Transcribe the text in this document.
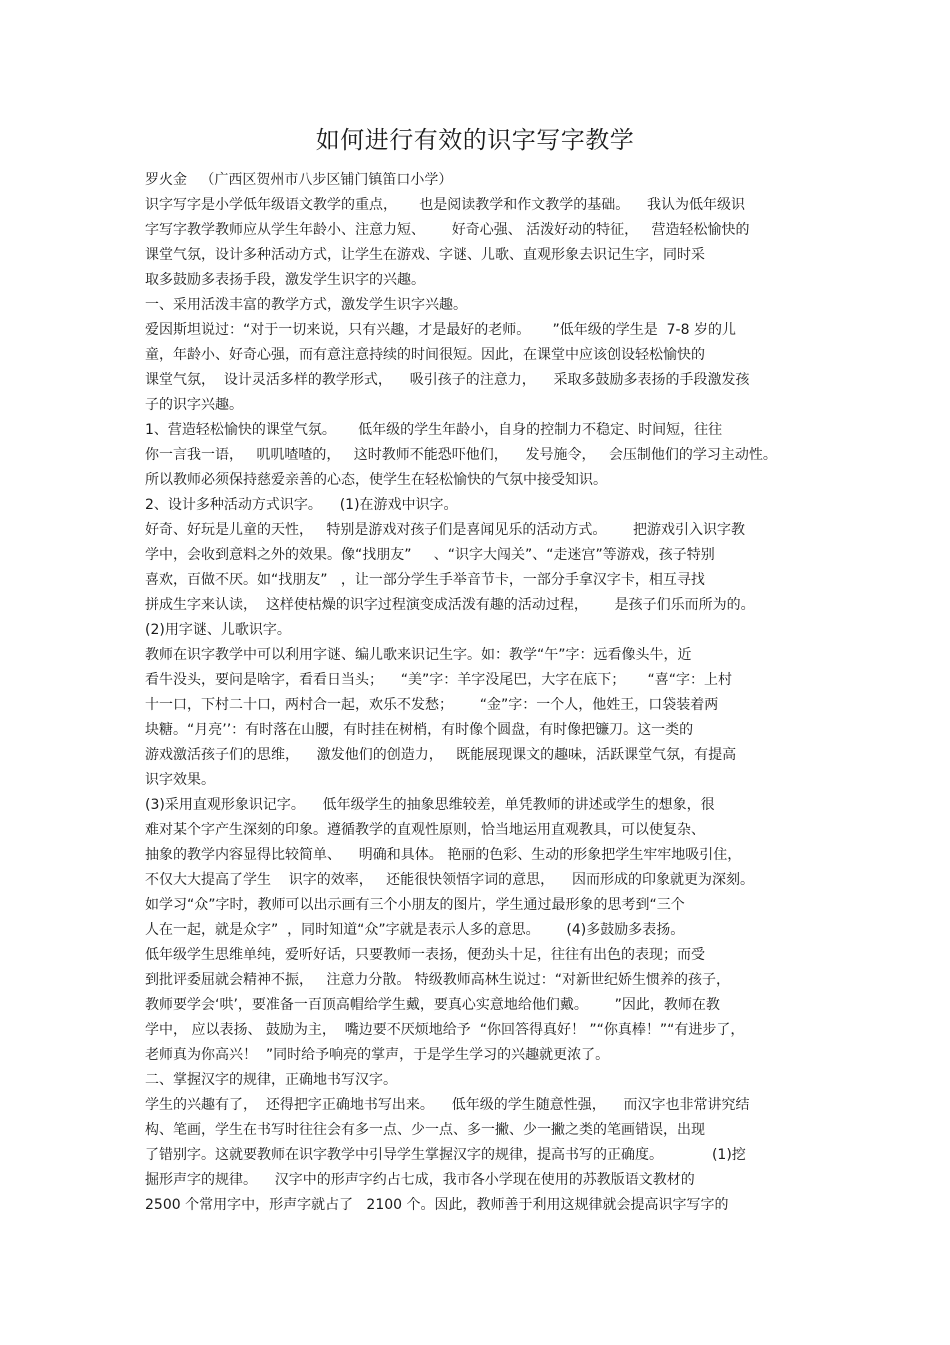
如何进行有效的识字写字教学
罗火金   （广西区贺州市八步区铺门镇笛口小学）
识字写字是小学低年级语文教学的重点，     也是阅读教学和作文教学的基础。    我认为低年级识
字写字教学教师应从学生年龄小、注意力短、      好奇心强、 活泼好动的特征，   营造轻松愉快的
课堂气氛，设计多种活动方式，让学生在游戏、字谜、儿歌、直观形象去识记生字，同时采
取多鼓励多表扬手段，激发学生识字的兴趣。
一、采用活泼丰富的教学方式，激发学生识字兴趣。
爱因斯坦说过：“对于一切来说，只有兴趣，才是最好的老师。     ”低年级的学生是  7-8 岁的儿
童，年龄小、好奇心强，而有意注意持续的时间很短。因此，在课堂中应该创设轻松愉快的
课堂气氛，  设计灵活多样的教学形式，    吸引孩子的注意力，    采取多鼓励多表扬的手段激发孩
子的识字兴趣。
1、营造轻松愉快的课堂气氛。     低年级的学生年龄小，自身的控制力不稳定、时间短，往往
你一言我一语，   叽叽喳喳的，   这时教师不能恐吓他们，    发号施令，   会压制他们的学习主动性。
所以教师必须保持慈爱亲善的心态，使学生在轻松愉快的气氛中接受知识。
2、设计多种活动方式识字。    (1)在游戏中识字。
好奇、好玩是儿童的天性，   特别是游戏对孩子们是喜闻见乐的活动方式。      把游戏引入识字教
学中，会收到意料之外的效果。像“找朋友”     、“识字大闯关”、“走迷宫”等游戏，孩子特别
喜欢，百做不厌。如“找朋友”   ，让一部分学生手举音节卡，一部分手拿汉字卡，相互寻找
拼成生字来认读，  这样使枯燥的识字过程演变成活泼有趣的活动过程，      是孩子们乐而所为的。
(2)用字谜、儿歌识字。
教师在识字教学中可以利用字谜、编儿歌来识记生字。如：教学“午”字：远看像头牛，近
看牛没头，要问是啥字，看看日当头；    “美”字：羊字没尾巴，大字在底下；     “喜“字：上村
十一口，下村二十口，两村合一起，欢乐不发愁；      “金”字：一个人，他姓王，口袋装着两
块糖。“月亮’’：有时落在山腰，有时挂在树梢，有时像个圆盘，有时像把镰刀。这一类的
游戏激活孩子们的思维，    激发他们的创造力，   既能展现课文的趣味，活跃课堂气氛，有提高
识字效果。
(3)采用直观形象识记字。    低年级学生的抽象思维较差，单凭教师的讲述或学生的想象，很
难对某个字产生深刻的印象。遵循教学的直观性原则，恰当地运用直观教具，可以使复杂、
抽象的教学内容显得比较简单、    明确和具体。 艳丽的色彩、生动的形象把学生牢牢地吸引住，
不仅大大提高了学生    识字的效率，   还能很快领悟字词的意思，    因而形成的印象就更为深刻。
如学习“众”字时，教师可以出示画有三个小朋友的图片，学生通过最形象的思考到“三个
人在一起，就是众字”  ，同时知道“众”字就是表示人多的意思。      (4)多鼓励多表扬。
低年级学生思维单纯，爱听好话，只要教师一表扬，便劲头十足，往往有出色的表现；而受
到批评委屈就会精神不振，   注意力分散。 特级教师高林生说过：“对新世纪娇生惯养的孩子，
教师要学会‘哄’，要准备一百顶高帽给学生戴，要真心实意地给他们戴。      ”因此，教师在教
学中， 应以表扬、 鼓励为主，  嘴边要不厌烦地给予  “你回答得真好！ ”“你真棒！”“有进步了，
老师真为你高兴！  ”同时给予响亮的掌声，于是学生学习的兴趣就更浓了。
二、掌握汉字的规律，正确地书写汉字。
学生的兴趣有了，  还得把字正确地书写出来。    低年级的学生随意性强，    而汉字也非常讲究结
构、笔画，学生在书写时往往会有多一点、少一点、多一撇、少一撇之类的笔画错误，出现
了错别字。这就要教师在识字教学中引导学生掌握汉字的规律，提高书写的正确度。           (1)挖
掘形声字的规律。    汉字中的形声字约占七成，我市各小学现在使用的苏教版语文教材的
2500 个常用字中，形声字就占了   2100 个。因此，教师善于利用这规律就会提高识字写字的
